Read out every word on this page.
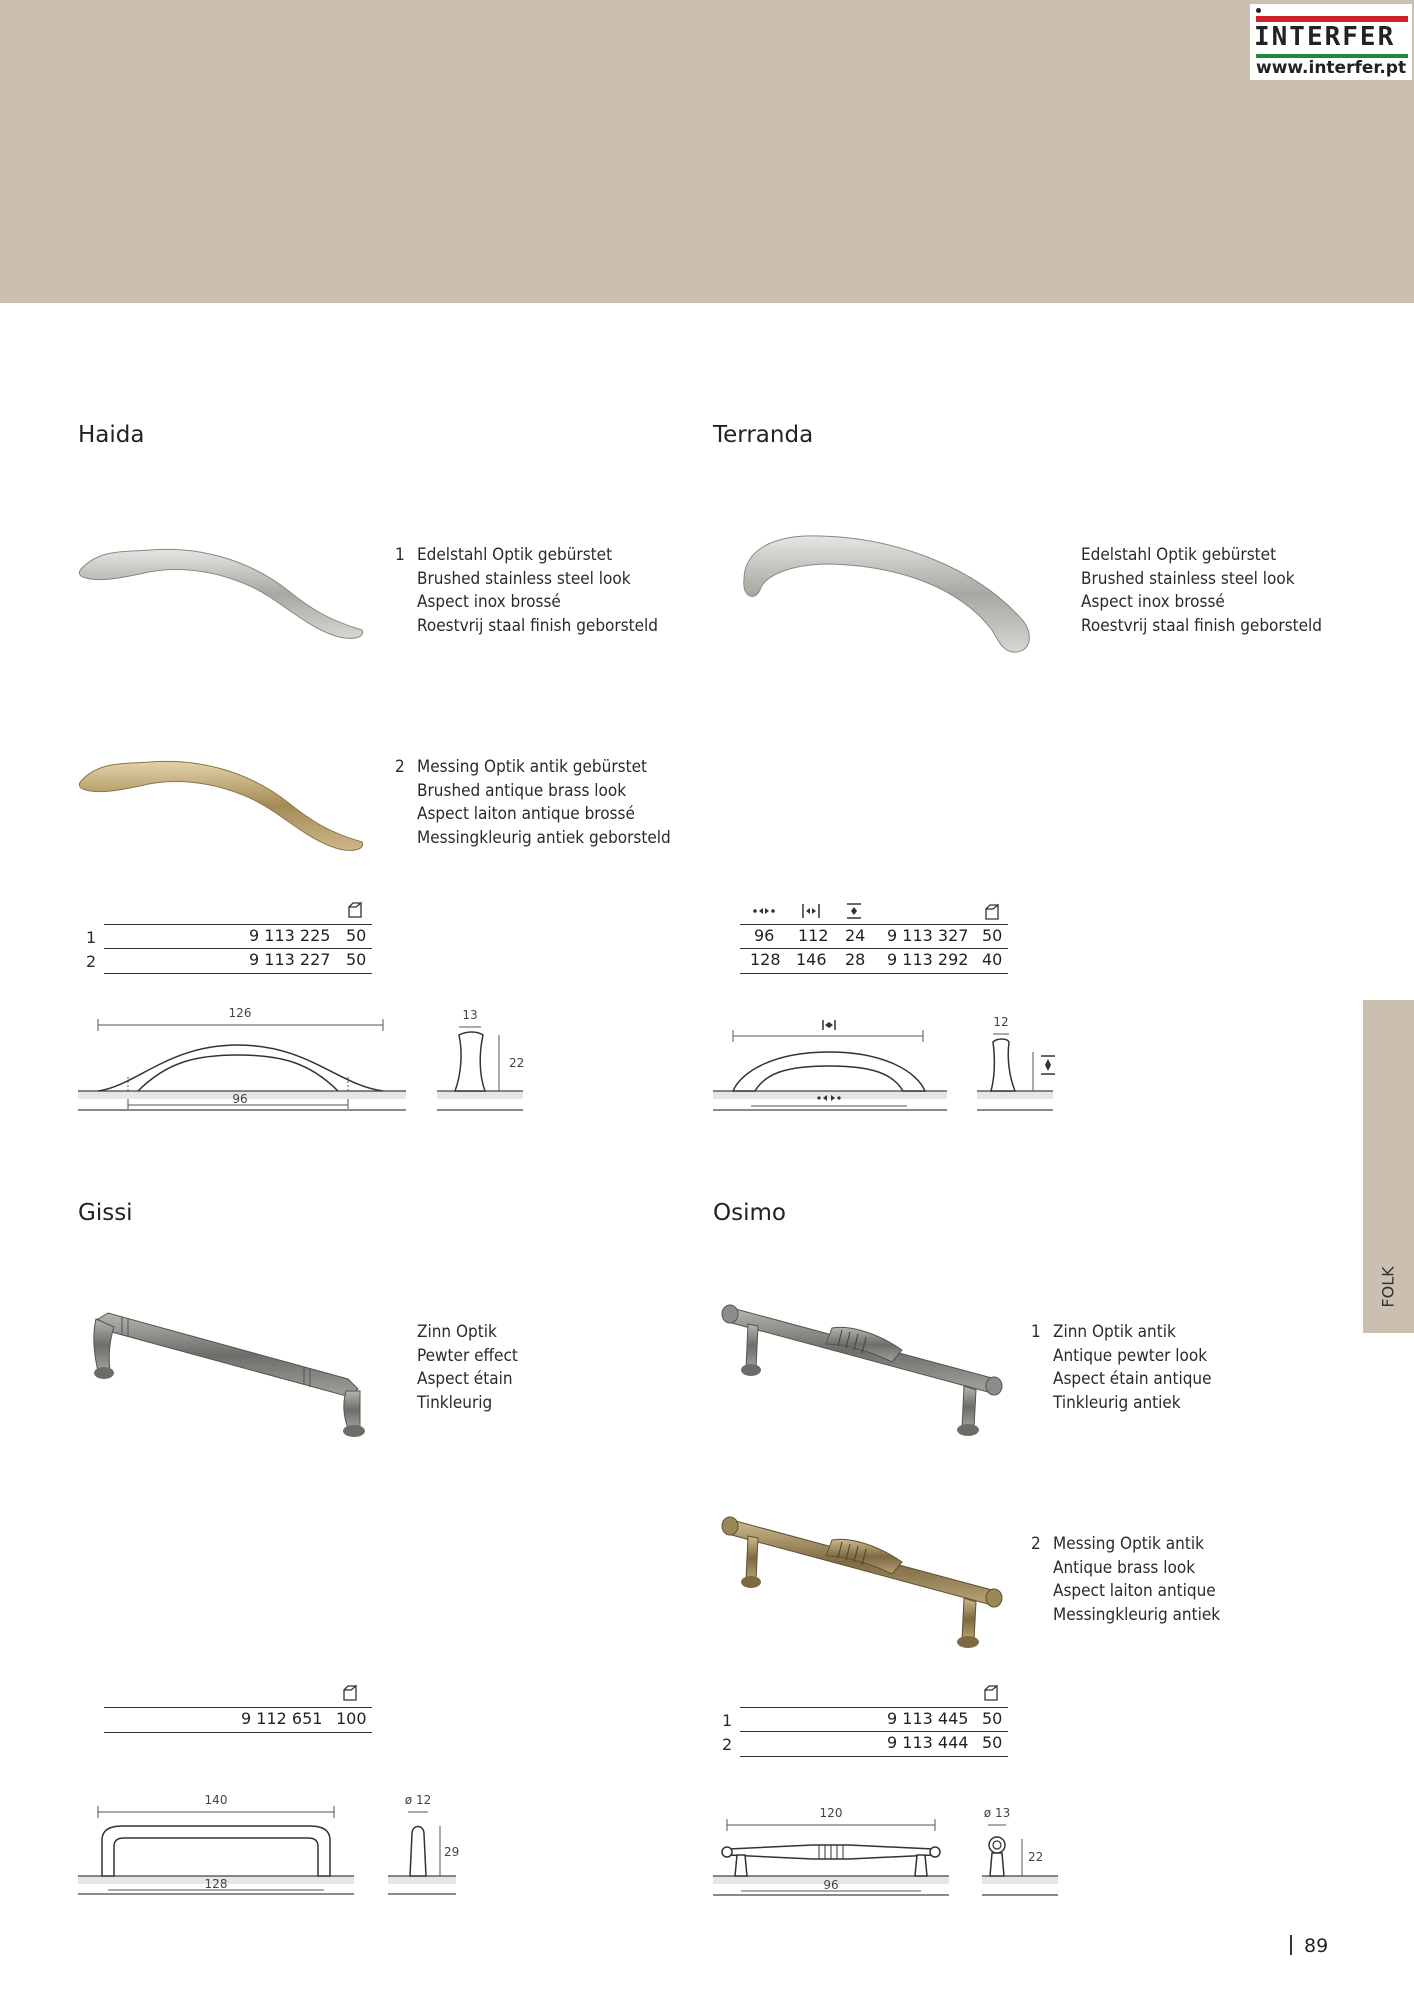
INTERFER
www.interfer.pt
FOLK
Haida
1 Edelstahl Optik gebürstet
Brushed stainless steel look
Aspect inox brossé
Roestvrij staal finish geborsteld
2 Messing Optik antik gebürstet
Brushed antique brass look
Aspect laiton antique brossé
Messingkleurig antiek geborsteld
1
2
9 113 225 50
9 113 227 50
126
96
13
22
Terranda
Edelstahl Optik gebürstet
Brushed stainless steel look
Aspect inox brossé
Roestvrij staal finish geborsteld
96 112 24 9 113 327 50
128 146 28 9 113 292 40
12
Gissi
Zinn Optik
Pewter effect
Aspect étain
Tinkleurig
9 112 651 100
140
128
ø 12
29
Osimo
1 Zinn Optik antik
Antique pewter look
Aspect étain antique
Tinkleurig antiek
2 Messing Optik antik
Antique brass look
Aspect laiton antique
Messingkleurig antiek
1
2
9 113 445 50
9 113 444 50
120
96
ø 13
22
89
